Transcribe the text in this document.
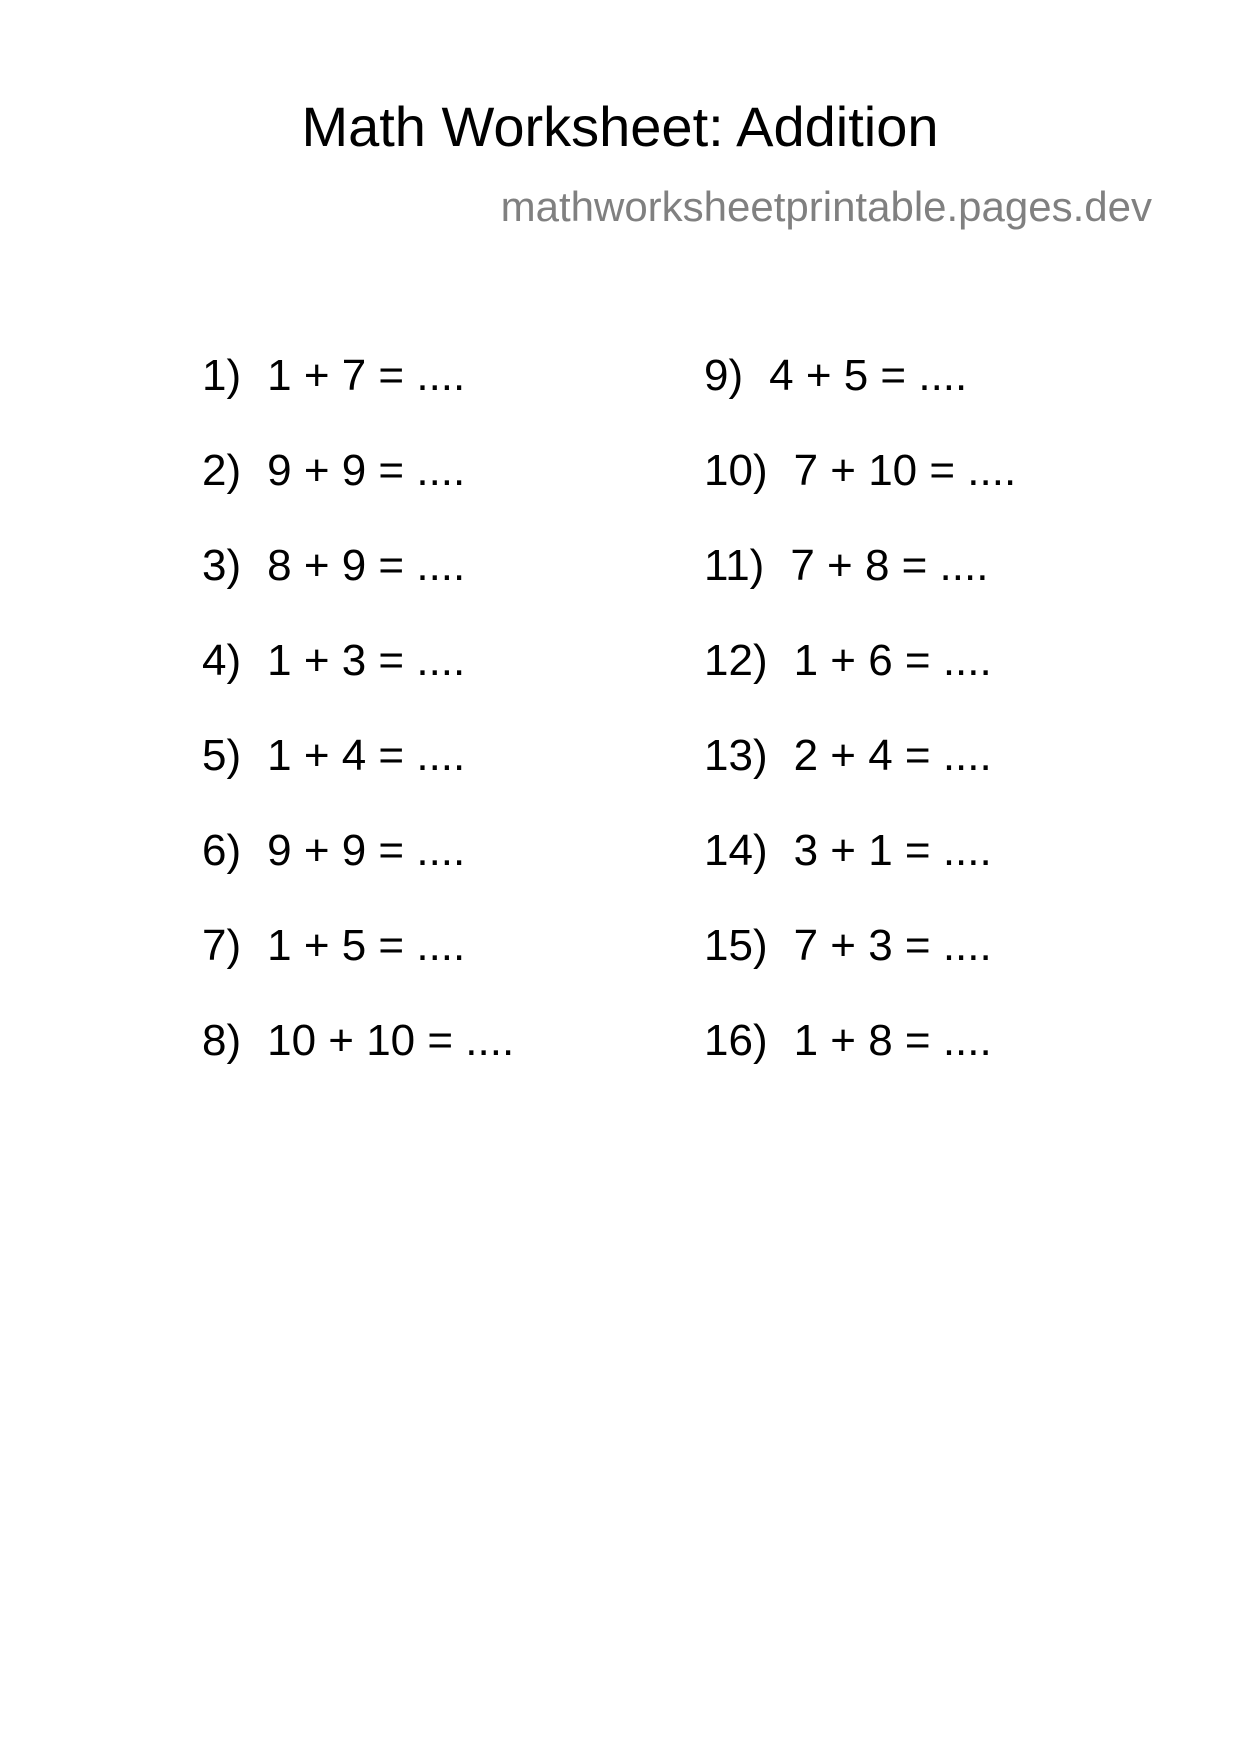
Math Worksheet: Addition
mathworksheetprintable.pages.dev
1) 1 + 7 = ....
2) 9 + 9 = ....
3) 8 + 9 = ....
4) 1 + 3 = ....
5) 1 + 4 = ....
6) 9 + 9 = ....
7) 1 + 5 = ....
8) 10 + 10 = ....
9) 4 + 5 = ....
10) 7 + 10 = ....
11) 7 + 8 = ....
12) 1 + 6 = ....
13) 2 + 4 = ....
14) 3 + 1 = ....
15) 7 + 3 = ....
16) 1 + 8 = ....
